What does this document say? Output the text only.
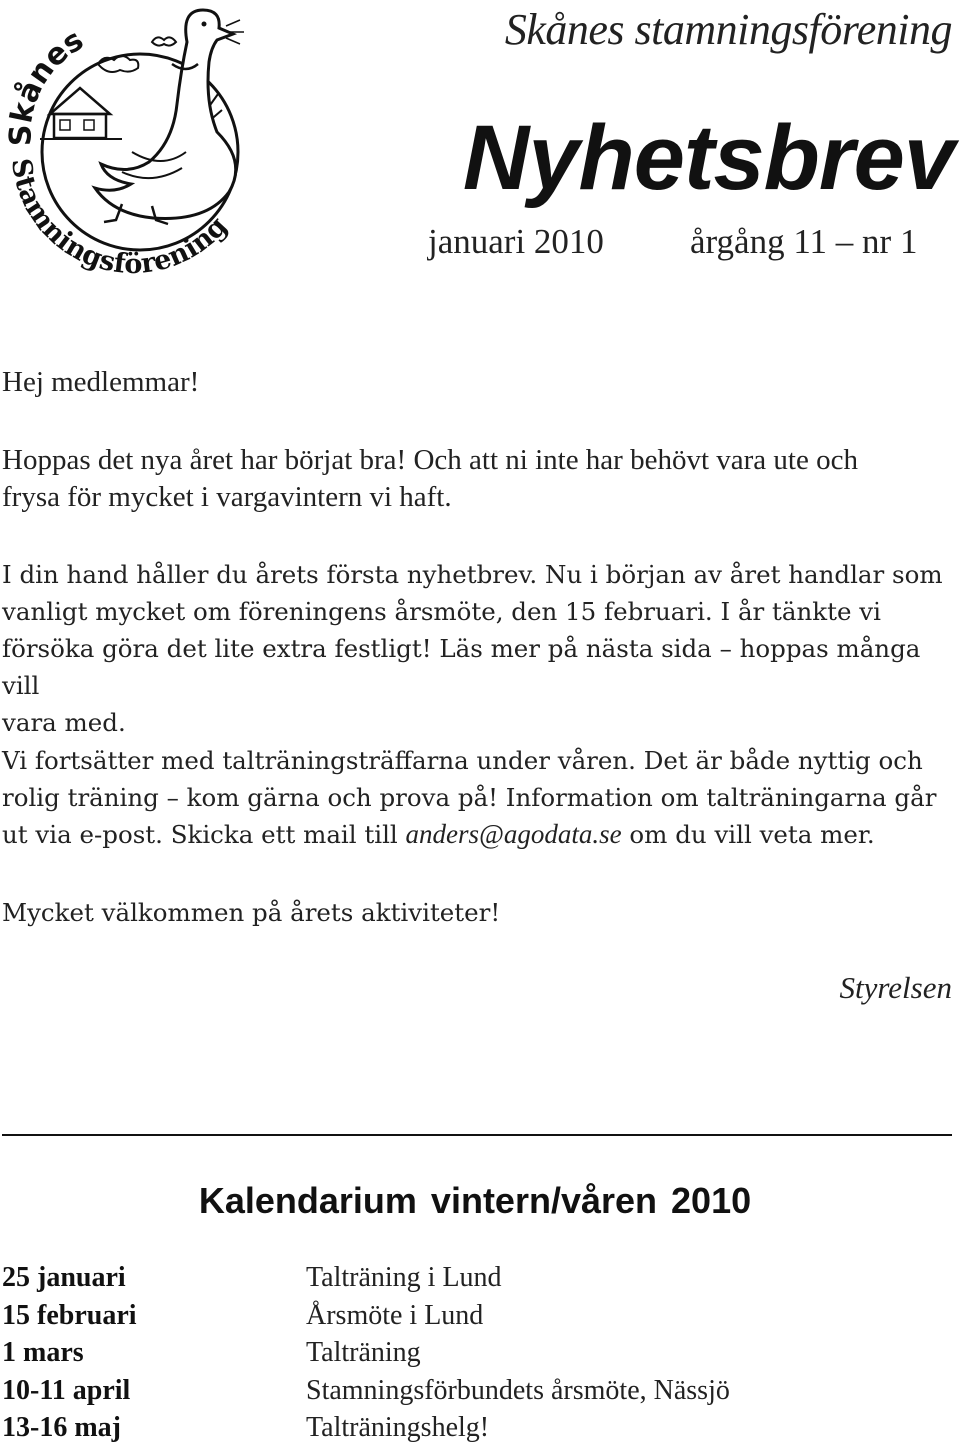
Skånes
Stamningsförening
Skånes stamningsförening
Nyhetsbrev
januari 2010 årgång 11 – nr 1

Hej medlemmar!

Hoppas det nya året har börjat bra! Och att ni inte har behövt vara ute och
frysa för mycket i vargavintern vi haft.
I din hand håller du årets första nyhetbrev. Nu i början av året handlar som
vanligt mycket om föreningens årsmöte, den 15 februari. I år tänkte vi
försöka göra det lite extra festligt! Läs mer på nästa sida – hoppas många vill
vara med.
Vi fortsätter med talträningsträffarna under våren. Det är både nyttig och
rolig träning – kom gärna och prova på! Information om talträningarna går
ut via e-post. Skicka ett mail till anders@agodata.se om du vill veta mer.
Mycket välkommen på årets aktiviteter!
Styrelsen
Kalendarium vintern/våren 2010
25 januari	Talträning i Lund
15 februari	Årsmöte i Lund
1 mars	Talträning
10-11 april	Stamningsförbundets årsmöte, Nässjö
13-16 maj	Talträningshelg!
